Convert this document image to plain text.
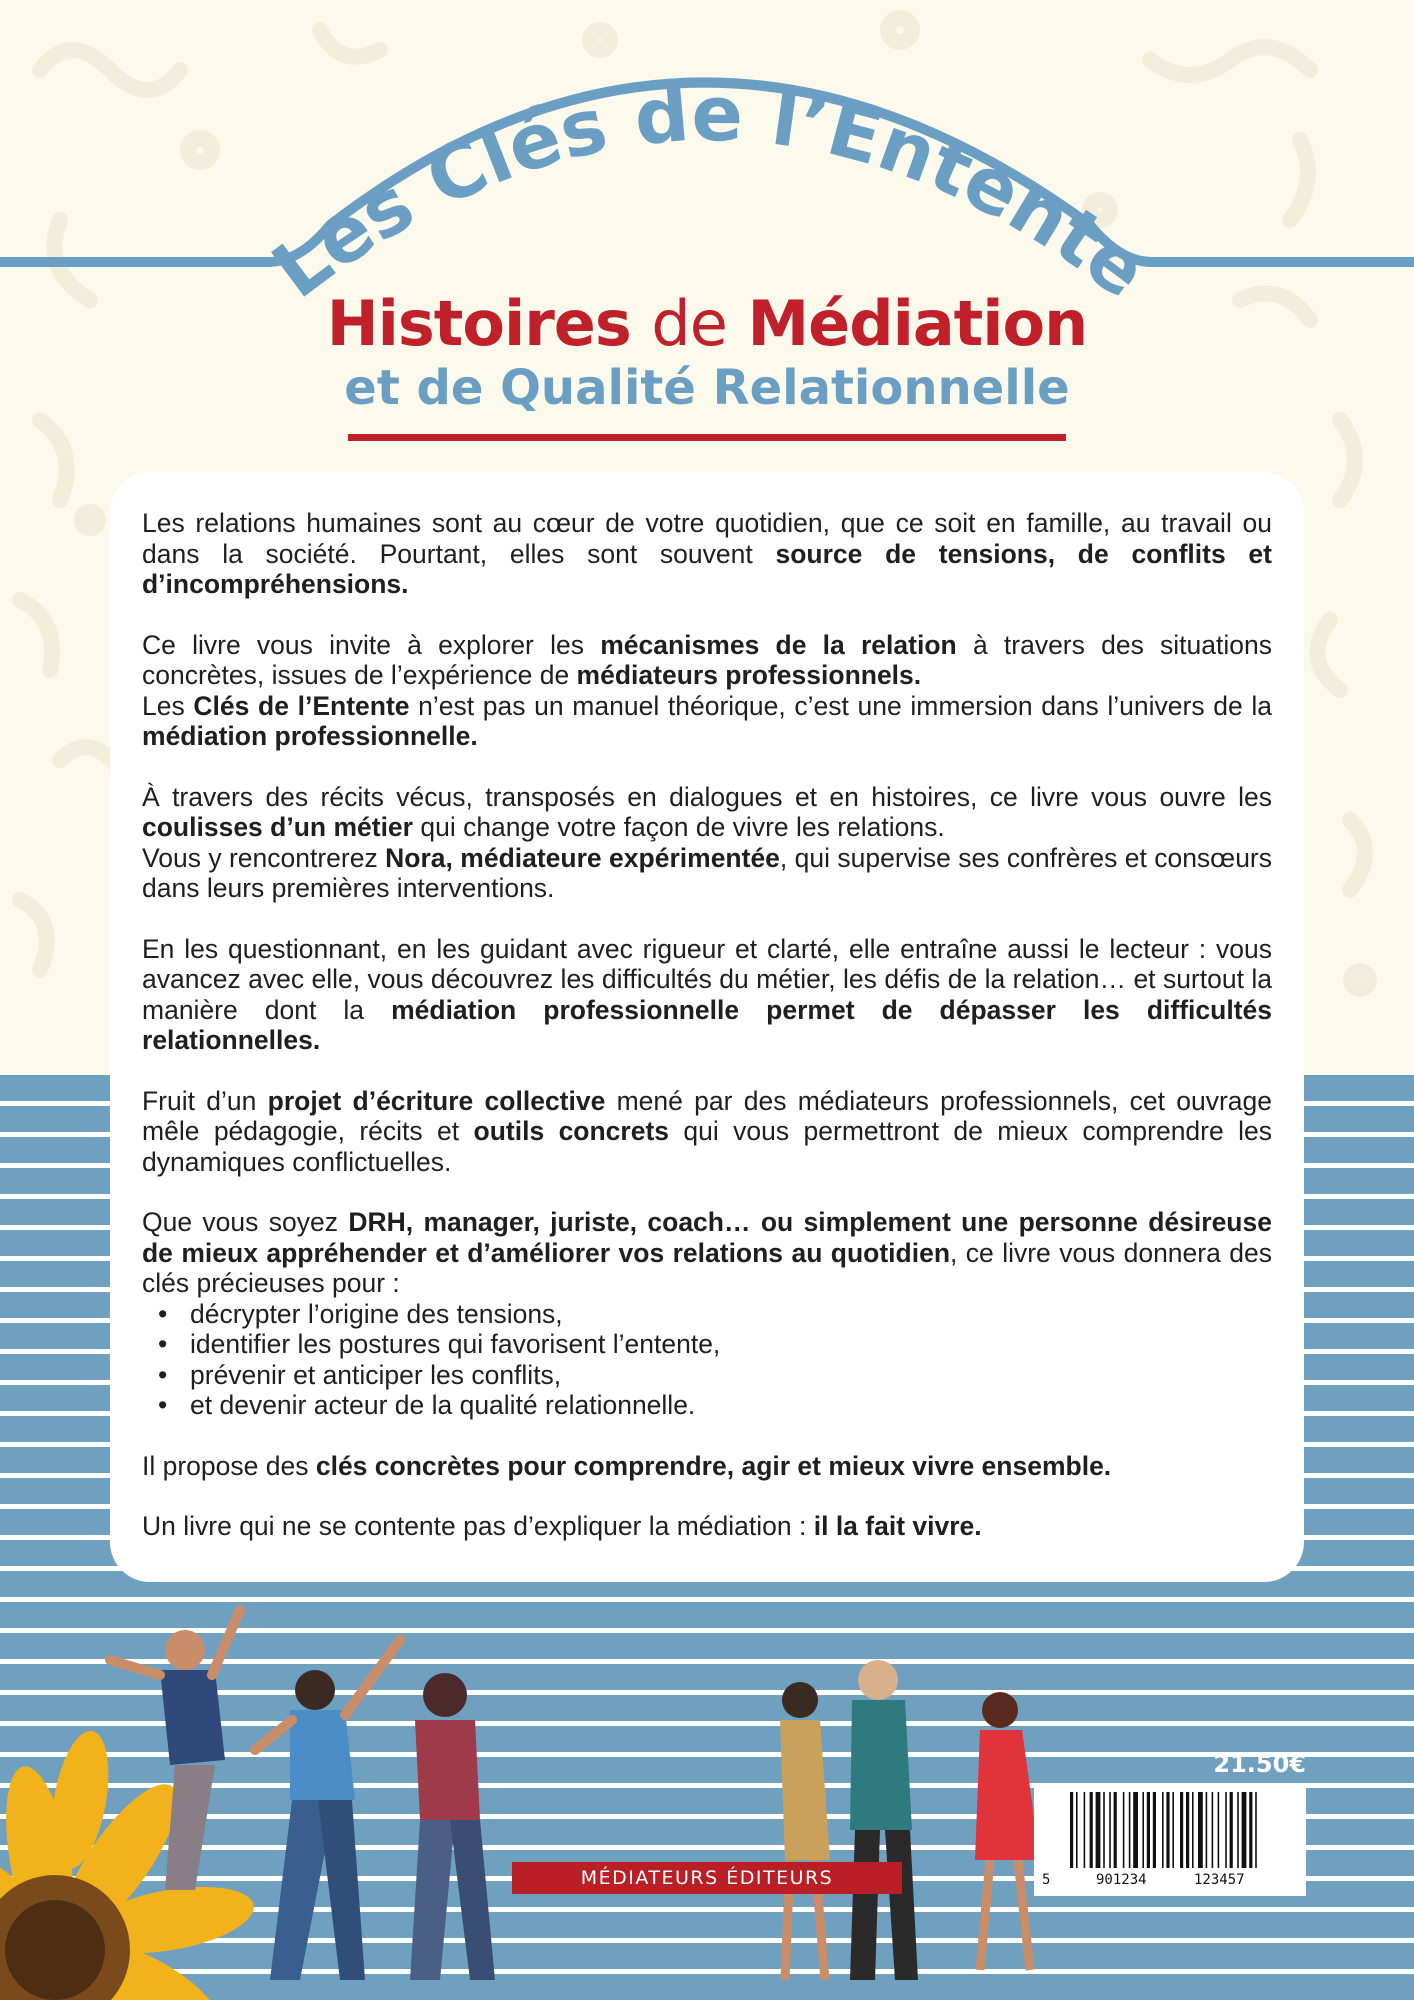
Les Clés de l’Entente
Histoires de Médiation
et de Qualité Relationnelle

Les relations humaines sont au cœur de votre quotidien, que ce soit en famille, au travail ou dans la société. Pourtant, elles sont souvent source de tensions, de conflits et d’incompréhensions.

Ce livre vous invite à explorer les mécanismes de la relation à travers des situations concrètes, issues de l’expérience de médiateurs professionnels.

Les Clés de l’Entente n’est pas un manuel théorique, c’est une immersion dans l’univers de la médiation professionnelle.

À travers des récits vécus, transposés en dialogues et en histoires, ce livre vous ouvre les coulisses d’un métier qui change votre façon de vivre les relations.

Vous y rencontrerez Nora, médiateure expérimentée, qui supervise ses confrères et consœurs dans leurs premières interventions.

En les questionnant, en les guidant avec rigueur et clarté, elle entraîne aussi le lecteur : vous avancez avec elle, vous découvrez les difficultés du métier, les défis de la relation… et surtout la manière dont la médiation professionnelle permet de dépasser les difficultés relationnelles.

Fruit d’un projet d’écriture collective mené par des médiateurs professionnels, cet ouvrage mêle pédagogie, récits et outils concrets qui vous permettront de mieux comprendre les dynamiques conflictuelles.

Que vous soyez DRH, manager, juriste, coach… ou simplement une personne désireuse de mieux appréhender et d’améliorer vos relations au quotidien, ce livre vous donnera des clés précieuses pour :

• décrypter l’origine des tensions,
• identifier les postures qui favorisent l’entente,
• prévenir et anticiper les conflits,
• et devenir acteur de la qualité relationnelle.

Il propose des clés concrètes pour comprendre, agir et mieux vivre ensemble.

Un livre qui ne se contente pas d’expliquer la médiation : il la fait vivre.

MÉDIATEURS ÉDITEURS
21.50€
5	901234	123457
